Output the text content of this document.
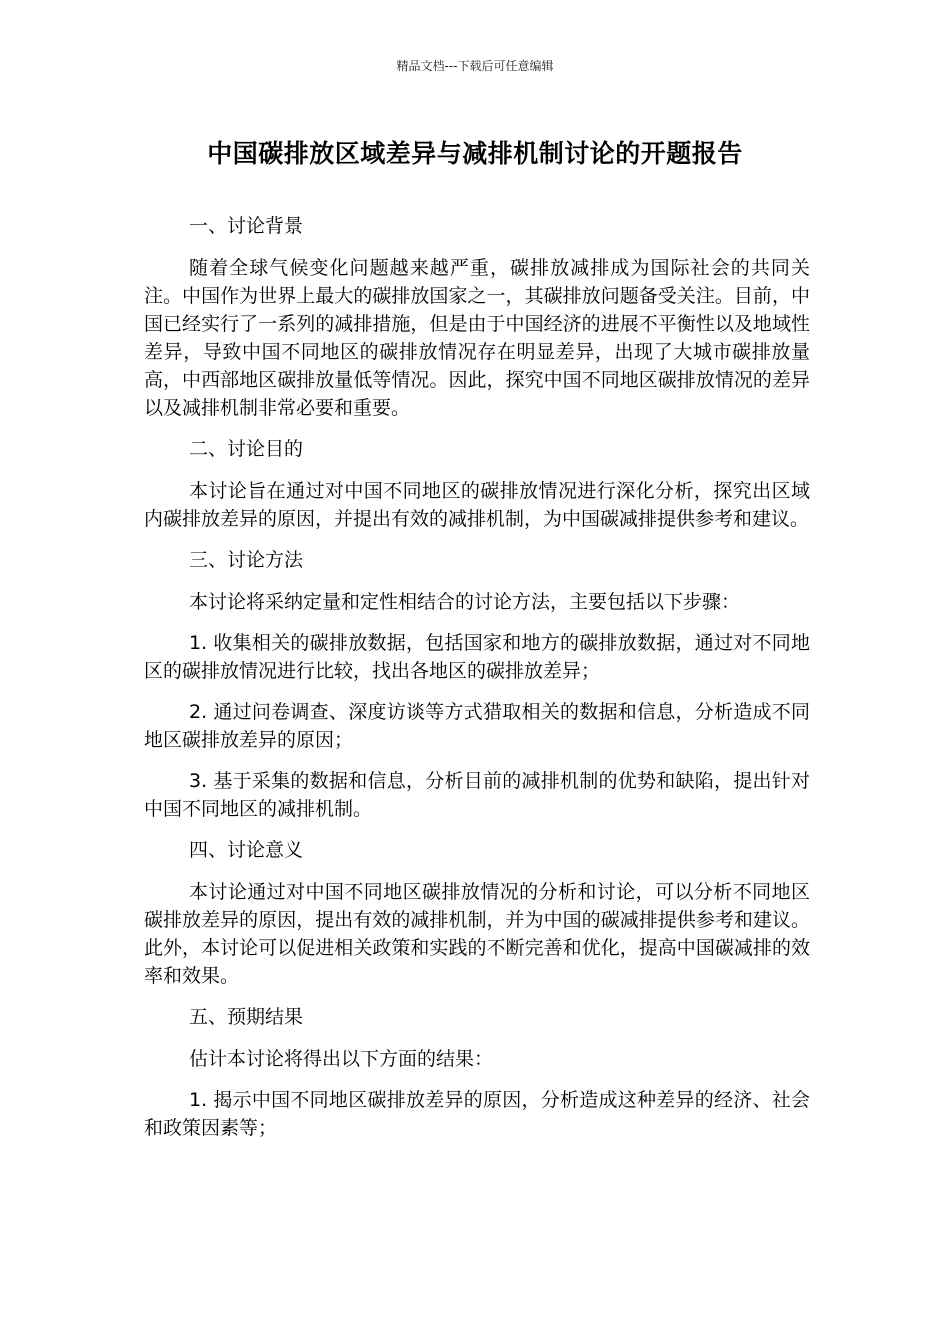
精品文档---下载后可任意编辑
中国碳排放区域差异与减排机制讨论的开题报告

一、讨论背景

随着全球气候变化问题越来越严重，碳排放减排成为国际社会的共同关注。中国作为世界上最大的碳排放国家之一，其碳排放问题备受关注。目前，中国已经实行了一系列的减排措施，但是由于中国经济的进展不平衡性以及地域性差异，导致中国不同地区的碳排放情况存在明显差异，出现了大城市碳排放量高，中西部地区碳排放量低等情况。因此，探究中国不同地区碳排放情况的差异以及减排机制非常必要和重要。

二、讨论目的

本讨论旨在通过对中国不同地区的碳排放情况进行深化分析，探究出区域内碳排放差异的原因，并提出有效的减排机制，为中国碳减排提供参考和建议。

三、讨论方法

本讨论将采纳定量和定性相结合的讨论方法，主要包括以下步骤：

1. 收集相关的碳排放数据，包括国家和地方的碳排放数据，通过对不同地区的碳排放情况进行比较，找出各地区的碳排放差异；

2. 通过问卷调查、深度访谈等方式猎取相关的数据和信息，分析造成不同地区碳排放差异的原因；

3. 基于采集的数据和信息，分析目前的减排机制的优势和缺陷，提出针对中国不同地区的减排机制。

四、讨论意义

本讨论通过对中国不同地区碳排放情况的分析和讨论，可以分析不同地区碳排放差异的原因，提出有效的减排机制，并为中国的碳减排提供参考和建议。此外，本讨论可以促进相关政策和实践的不断完善和优化，提高中国碳减排的效率和效果。

五、预期结果

估计本讨论将得出以下方面的结果：

1. 揭示中国不同地区碳排放差异的原因，分析造成这种差异的经济、社会和政策因素等；
